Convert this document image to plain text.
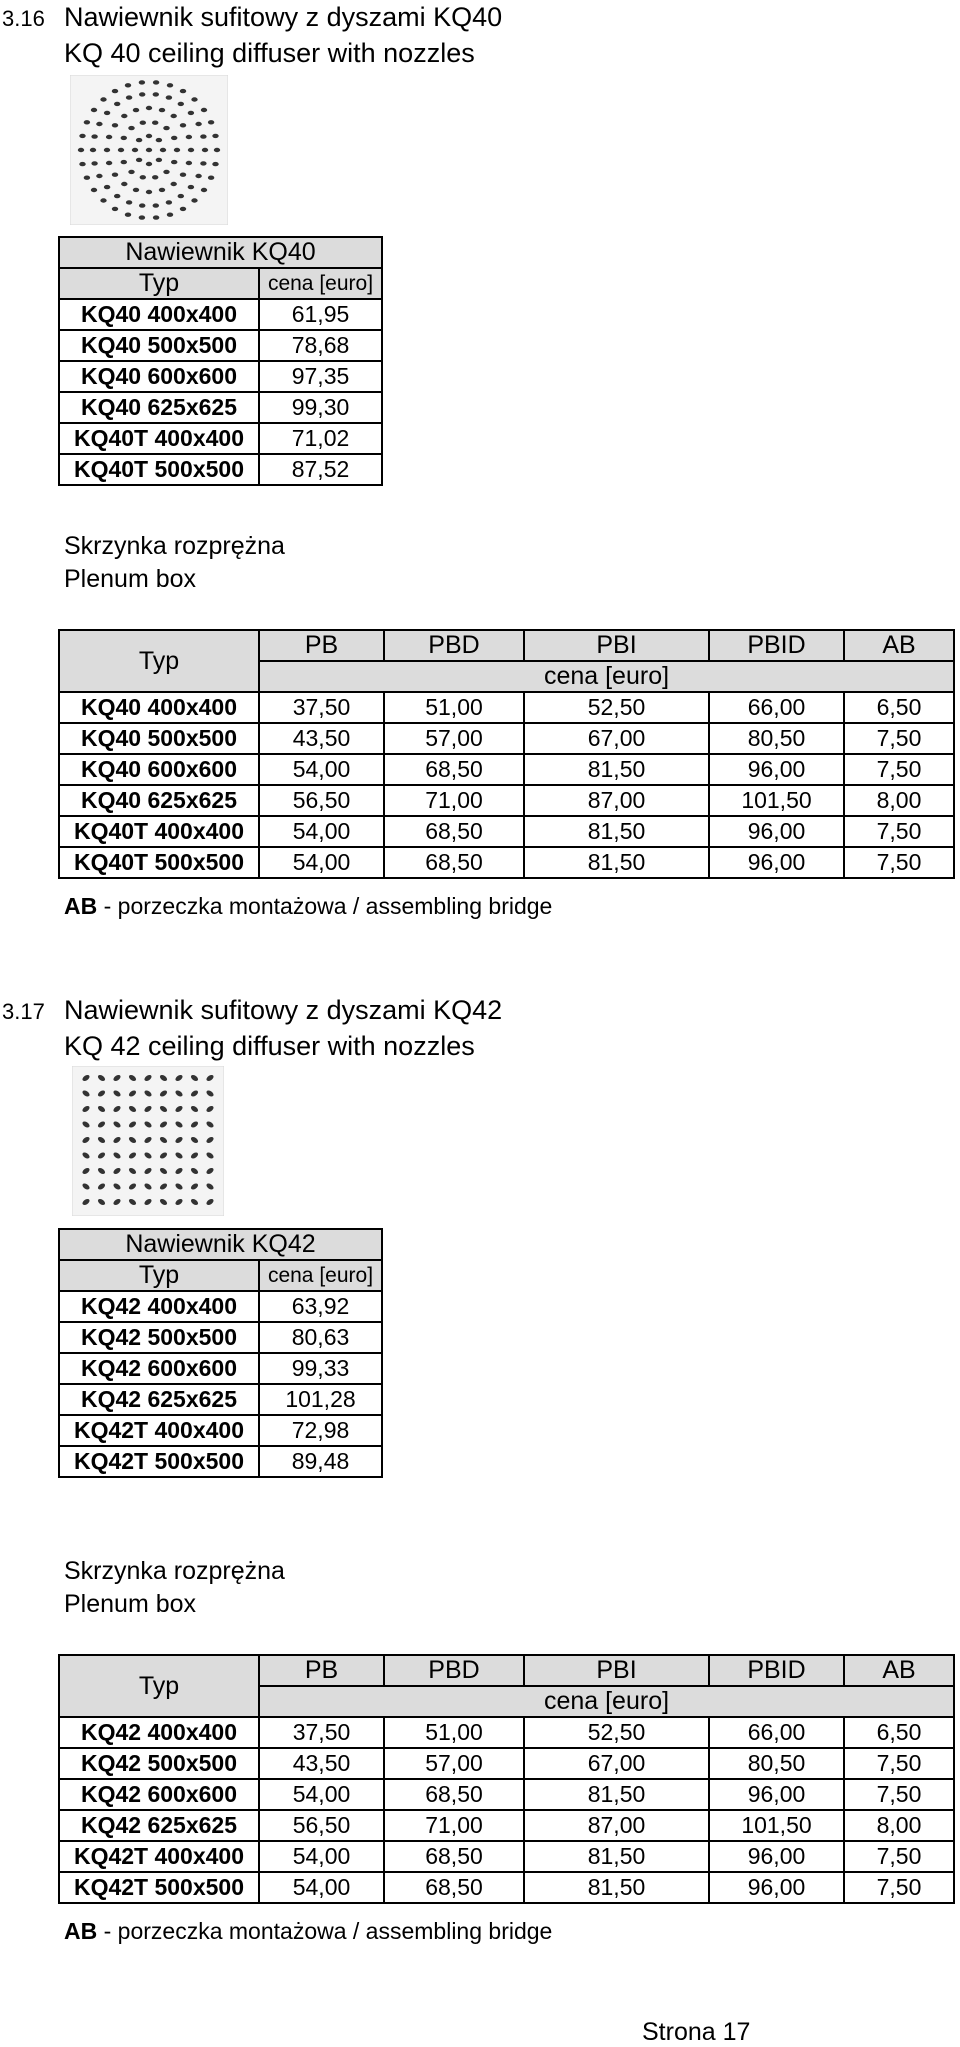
3.16 Nawiewnik sufitowy z dyszami KQ40
KQ 40 ceiling diffuser with nozzles
Nawiewnik KQ40	
Typ	cena [euro]
KQ40 400x400	61,95
KQ40 500x500	78,68
KQ40 600x600	97,35
KQ40 625x625	99,30
KQ40T 400x400	71,02
KQ40T 500x500	87,52
Skrzynka rozprężna
Plenum box
Typ	PB	PBD	PBI	PBID	AB
	cena [euro]				
KQ40 400x400	37,50	51,00	52,50	66,00	6,50
KQ40 500x500	43,50	57,00	67,00	80,50	7,50
KQ40 600x600	54,00	68,50	81,50	96,00	7,50
KQ40 625x625	56,50	71,00	87,00	101,50	8,00
KQ40T 400x400	54,00	68,50	81,50	96,00	7,50
KQ40T 500x500	54,00	68,50	81,50	96,00	7,50
AB - porzeczka montażowa / assembling bridge
3.17 Nawiewnik sufitowy z dyszami KQ42
KQ 42 ceiling diffuser with nozzles
Nawiewnik KQ42	
Typ	cena [euro]
KQ42 400x400	63,92
KQ42 500x500	80,63
KQ42 600x600	99,33
KQ42 625x625	101,28
KQ42T 400x400	72,98
KQ42T 500x500	89,48
Skrzynka rozprężna
Plenum box
Typ	PB	PBD	PBI	PBID	AB
	cena [euro]				
KQ42 400x400	37,50	51,00	52,50	66,00	6,50
KQ42 500x500	43,50	57,00	67,00	80,50	7,50
KQ42 600x600	54,00	68,50	81,50	96,00	7,50
KQ42 625x625	56,50	71,00	87,00	101,50	8,00
KQ42T 400x400	54,00	68,50	81,50	96,00	7,50
KQ42T 500x500	54,00	68,50	81,50	96,00	7,50
AB - porzeczka montażowa / assembling bridge
Strona 17
